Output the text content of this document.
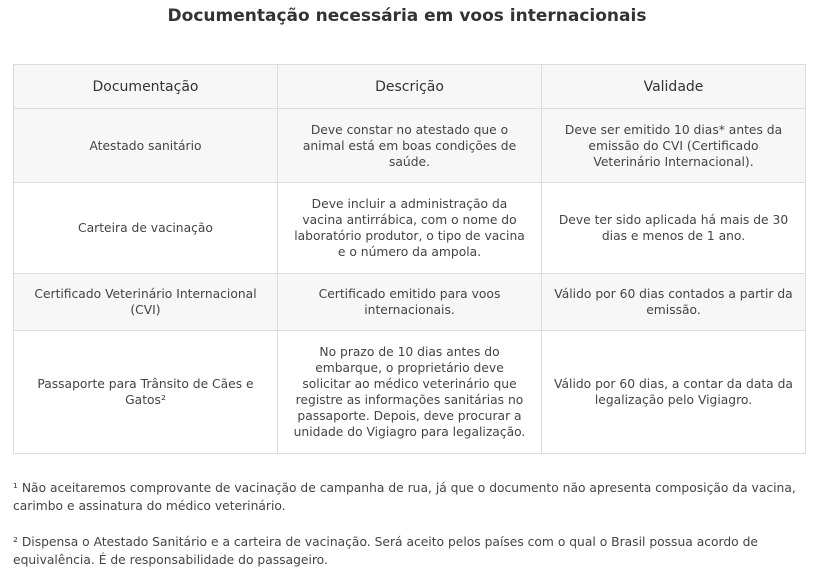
Documentação necessária em voos internacionais
Documentação	Descrição	Validade
Atestado sanitário	Deve constar no atestado que o animal está em boas condições de saúde.	Deve ser emitido 10 dias* antes da emissão do CVI (Certificado Veterinário Internacional).
Carteira de vacinação	Deve incluir a administração da vacina antirrábica, com o nome do laboratório produtor, o tipo de vacina e o número da ampola.	Deve ter sido aplicada há mais de 30 dias e menos de 1 ano.
Certificado Veterinário Internacional (CVI)	Certificado emitido para voos internacionais.	Válido por 60 dias contados a partir da emissão.
Passaporte para Trânsito de Cães e Gatos²	No prazo de 10 dias antes do embarque, o proprietário deve solicitar ao médico veterinário que registre as informações sanitárias no passaporte. Depois, deve procurar a unidade do Vigiagro para legalização.	Válido por 60 dias, a contar da data da legalização pelo Vigiagro.

¹ Não aceitaremos comprovante de vacinação de campanha de rua, já que o documento não apresenta composição da vacina, carimbo e assinatura do médico veterinário.

² Dispensa o Atestado Sanitário e a carteira de vacinação. Será aceito pelos países com o qual o Brasil possua acordo de equivalência. É de responsabilidade do passageiro.
